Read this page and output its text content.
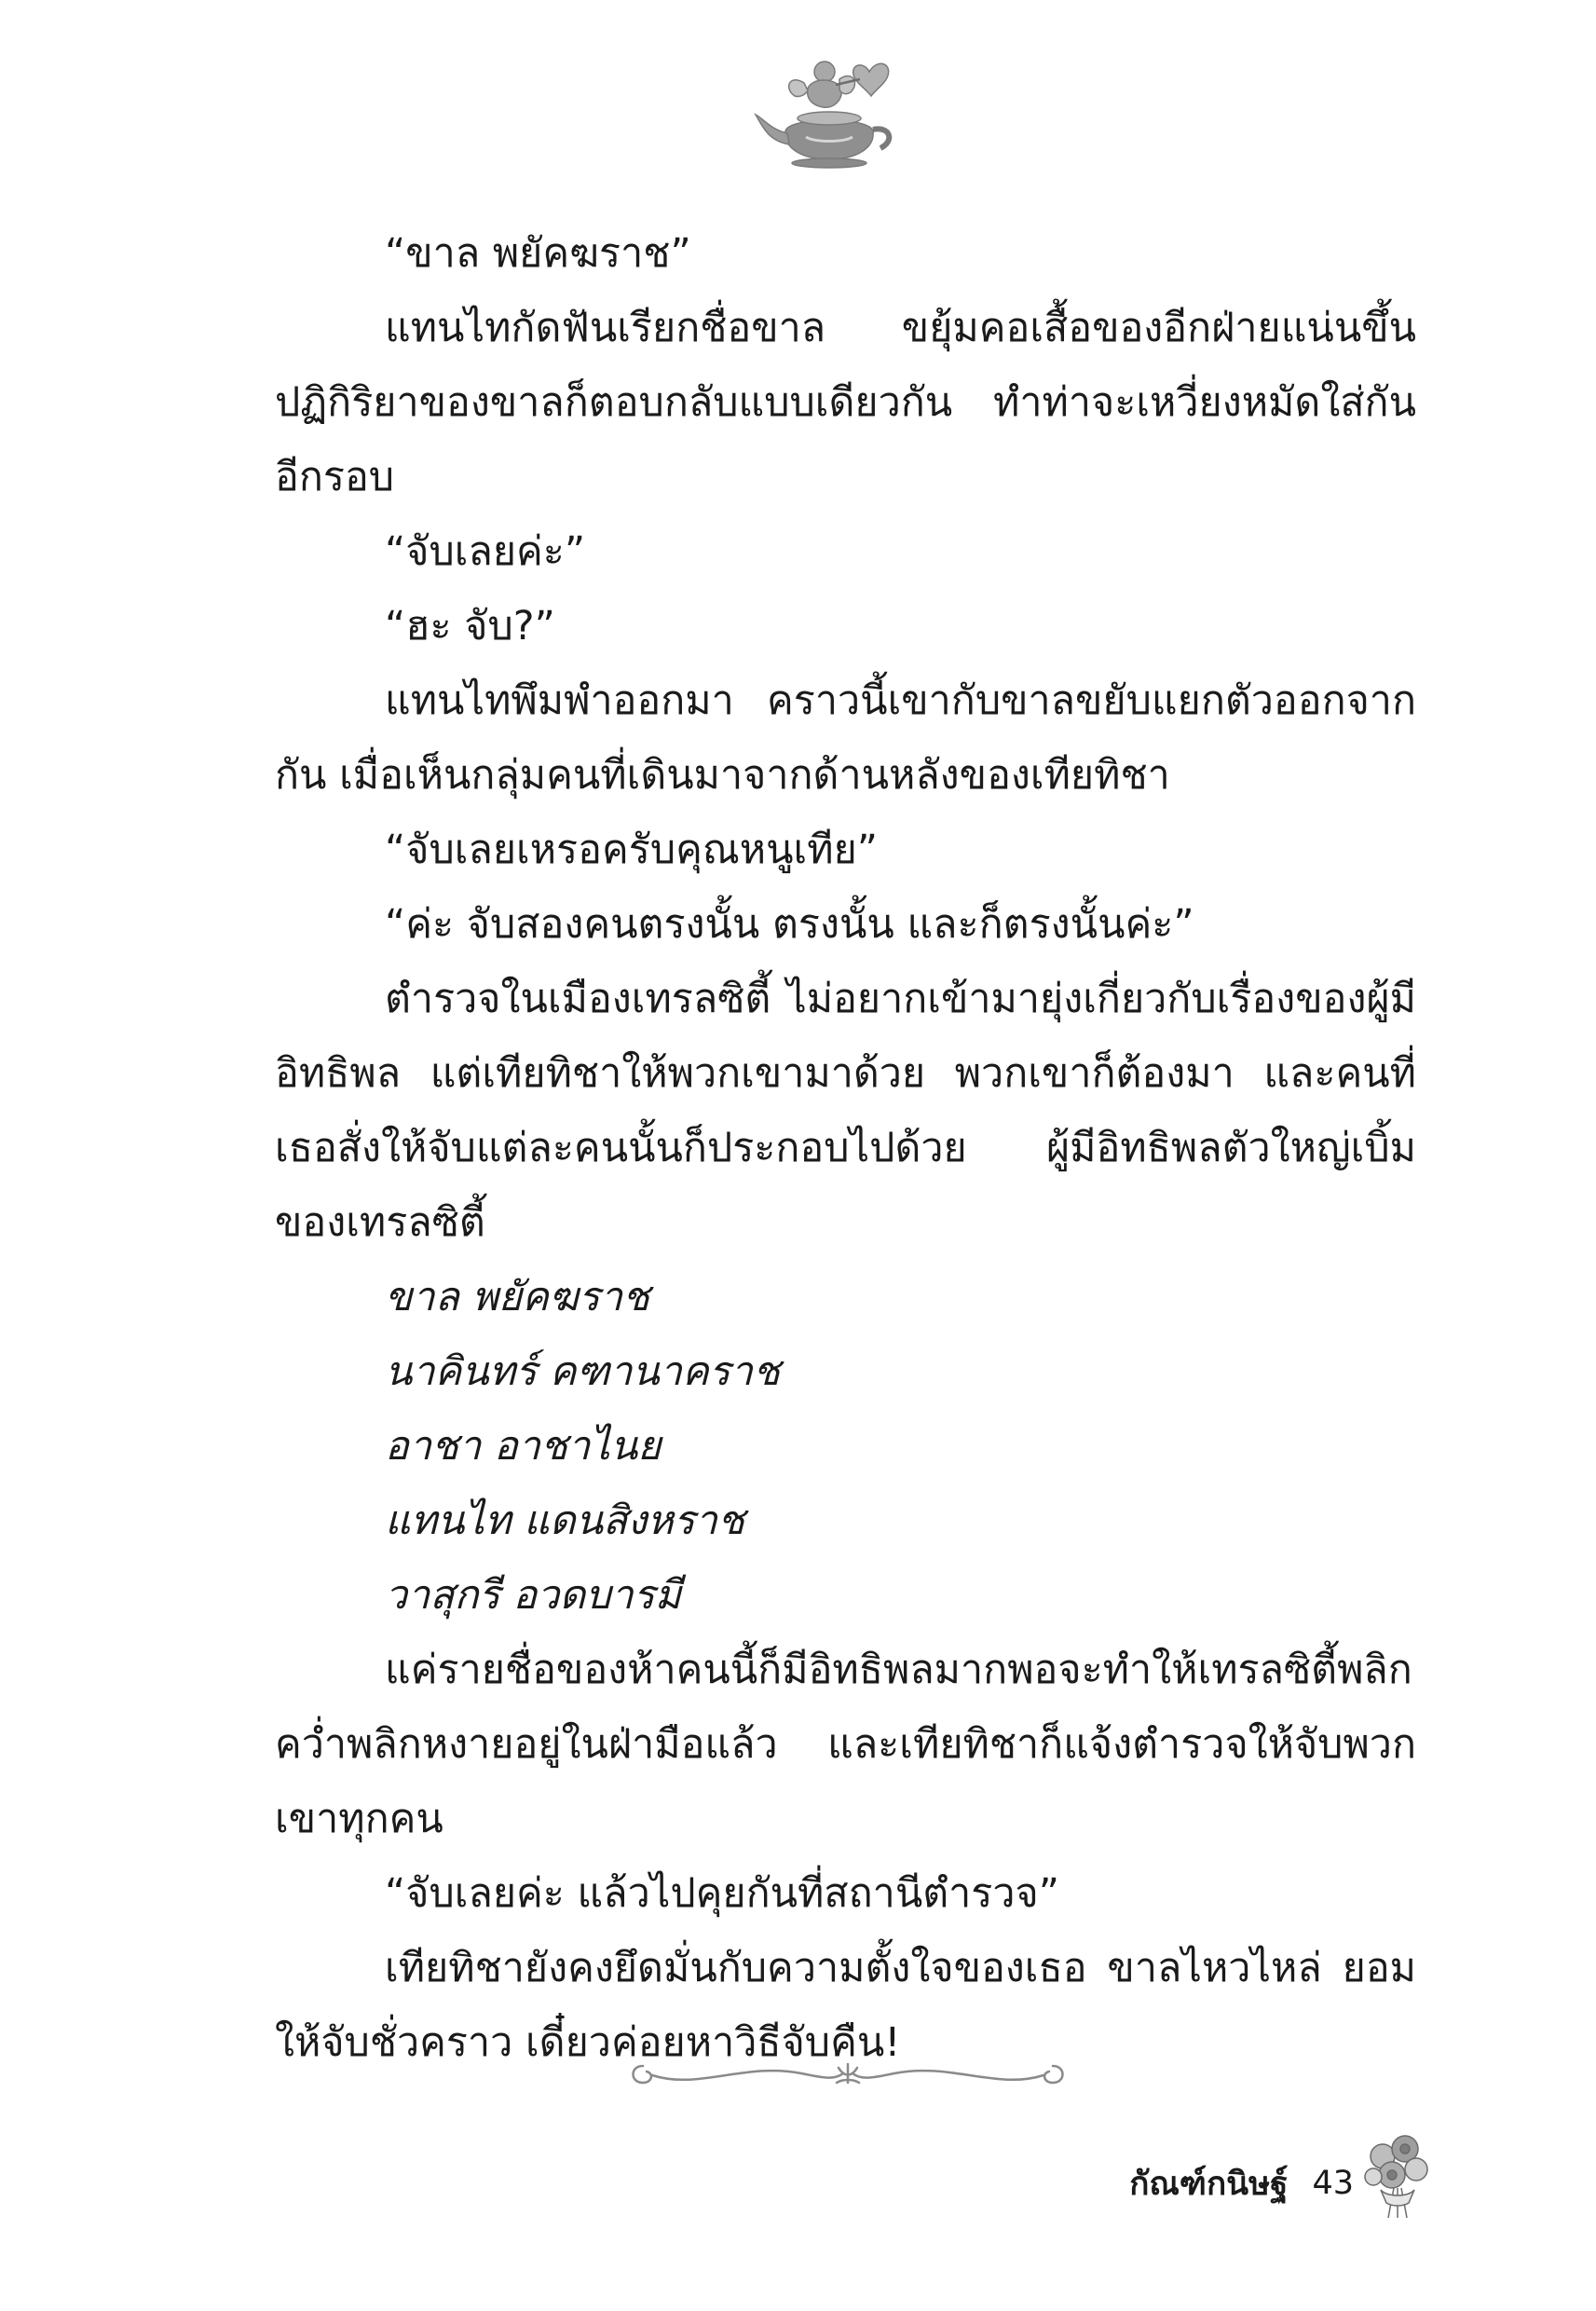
“ขาล พยัคฆราช”

แทนไทกัดฟันเรียกชื่อขาล ขยุ้มคอเสื้อของอีกฝ่ายแน่นขึ้น ปฏิกิริยาของขาลก็ตอบกลับแบบเดียวกัน ทำท่าจะเหวี่ยงหมัดใส่กันอีกรอบ

“จับเลยค่ะ”

“ฮะ จับ?”

แทนไทพึมพำออกมา คราวนี้เขากับขาลขยับแยกตัวออกจากกัน เมื่อเห็นกลุ่มคนที่เดินมาจากด้านหลังของเทียทิชา

“จับเลยเหรอครับคุณหนูเทีย”

“ค่ะ จับสองคนตรงนั้น ตรงนั้น และก็ตรงนั้นค่ะ”

ตำรวจในเมืองเทรลซิตี้ ไม่อยากเข้ามายุ่งเกี่ยวกับเรื่องของผู้มีอิทธิพล แต่เทียทิชาให้พวกเขามาด้วย พวกเขาก็ต้องมา และคนที่เธอสั่งให้จับแต่ละคนนั้นก็ประกอบไปด้วย ผู้มีอิทธิพลตัวใหญ่เบิ้มของเทรลซิตี้

ขาล พยัคฆราช

นาคินทร์ คฑานาคราช

อาชา อาชาไนย

แทนไท แดนสิงหราช

วาสุกรี อวดบารมี

แค่รายชื่อของห้าคนนี้ก็มีอิทธิพลมากพอจะทำให้เทรลซิตี้พลิกคว่ำพลิกหงายอยู่ในฝ่ามือแล้ว และเทียทิชาก็แจ้งตำรวจให้จับพวกเขาทุกคน

“จับเลยค่ะ แล้วไปคุยกันที่สถานีตำรวจ”

เทียทิชายังคงยึดมั่นกับความตั้งใจของเธอ ขาลไหวไหล่ ยอมให้จับชั่วคราว เดี๋ยวค่อยหาวิธีจับคืน!

กัณฑ์กนิษฐ์ 43
